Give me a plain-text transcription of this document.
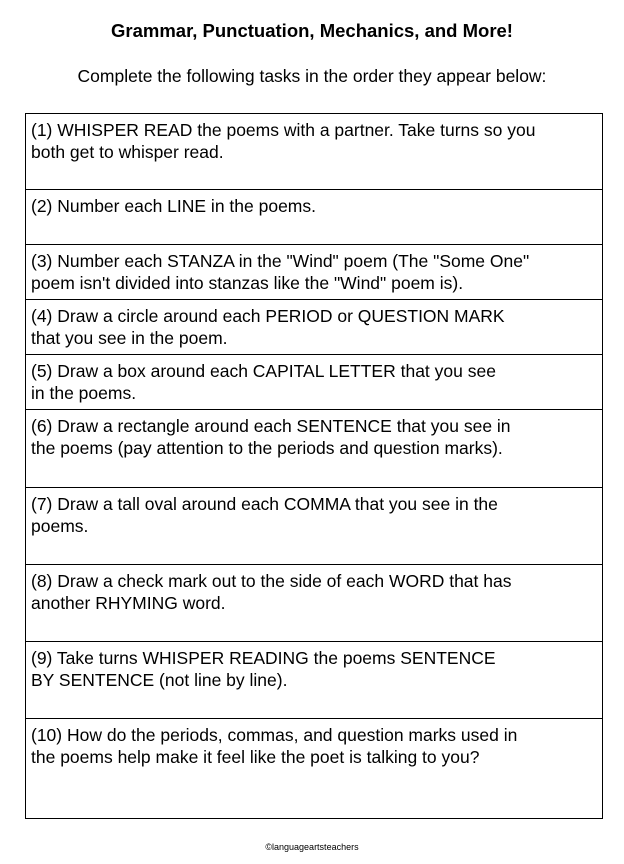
Grammar, Punctuation, Mechanics, and More!
Complete the following tasks in the order they appear below:
(1) WHISPER READ the poems with a partner. Take turns so you
both get to whisper read.
(2) Number each LINE in the poems.
(3) Number each STANZA in the "Wind" poem (The "Some One"
poem isn't divided into stanzas like the "Wind" poem is).
(4) Draw a circle around each PERIOD or QUESTION MARK
that you see in the poem.
(5) Draw a box around each CAPITAL LETTER that you see
in the poems.
(6) Draw a rectangle around each SENTENCE that you see in
the poems (pay attention to the periods and question marks).
(7) Draw a tall oval around each COMMA that you see in the
poems.
(8) Draw a check mark out to the side of each WORD that has
another RHYMING word.
(9) Take turns WHISPER READING the poems SENTENCE
BY SENTENCE (not line by line).
(10) How do the periods, commas, and question marks used in
the poems help make it feel like the poet is talking to you?
©languageartsteachers
